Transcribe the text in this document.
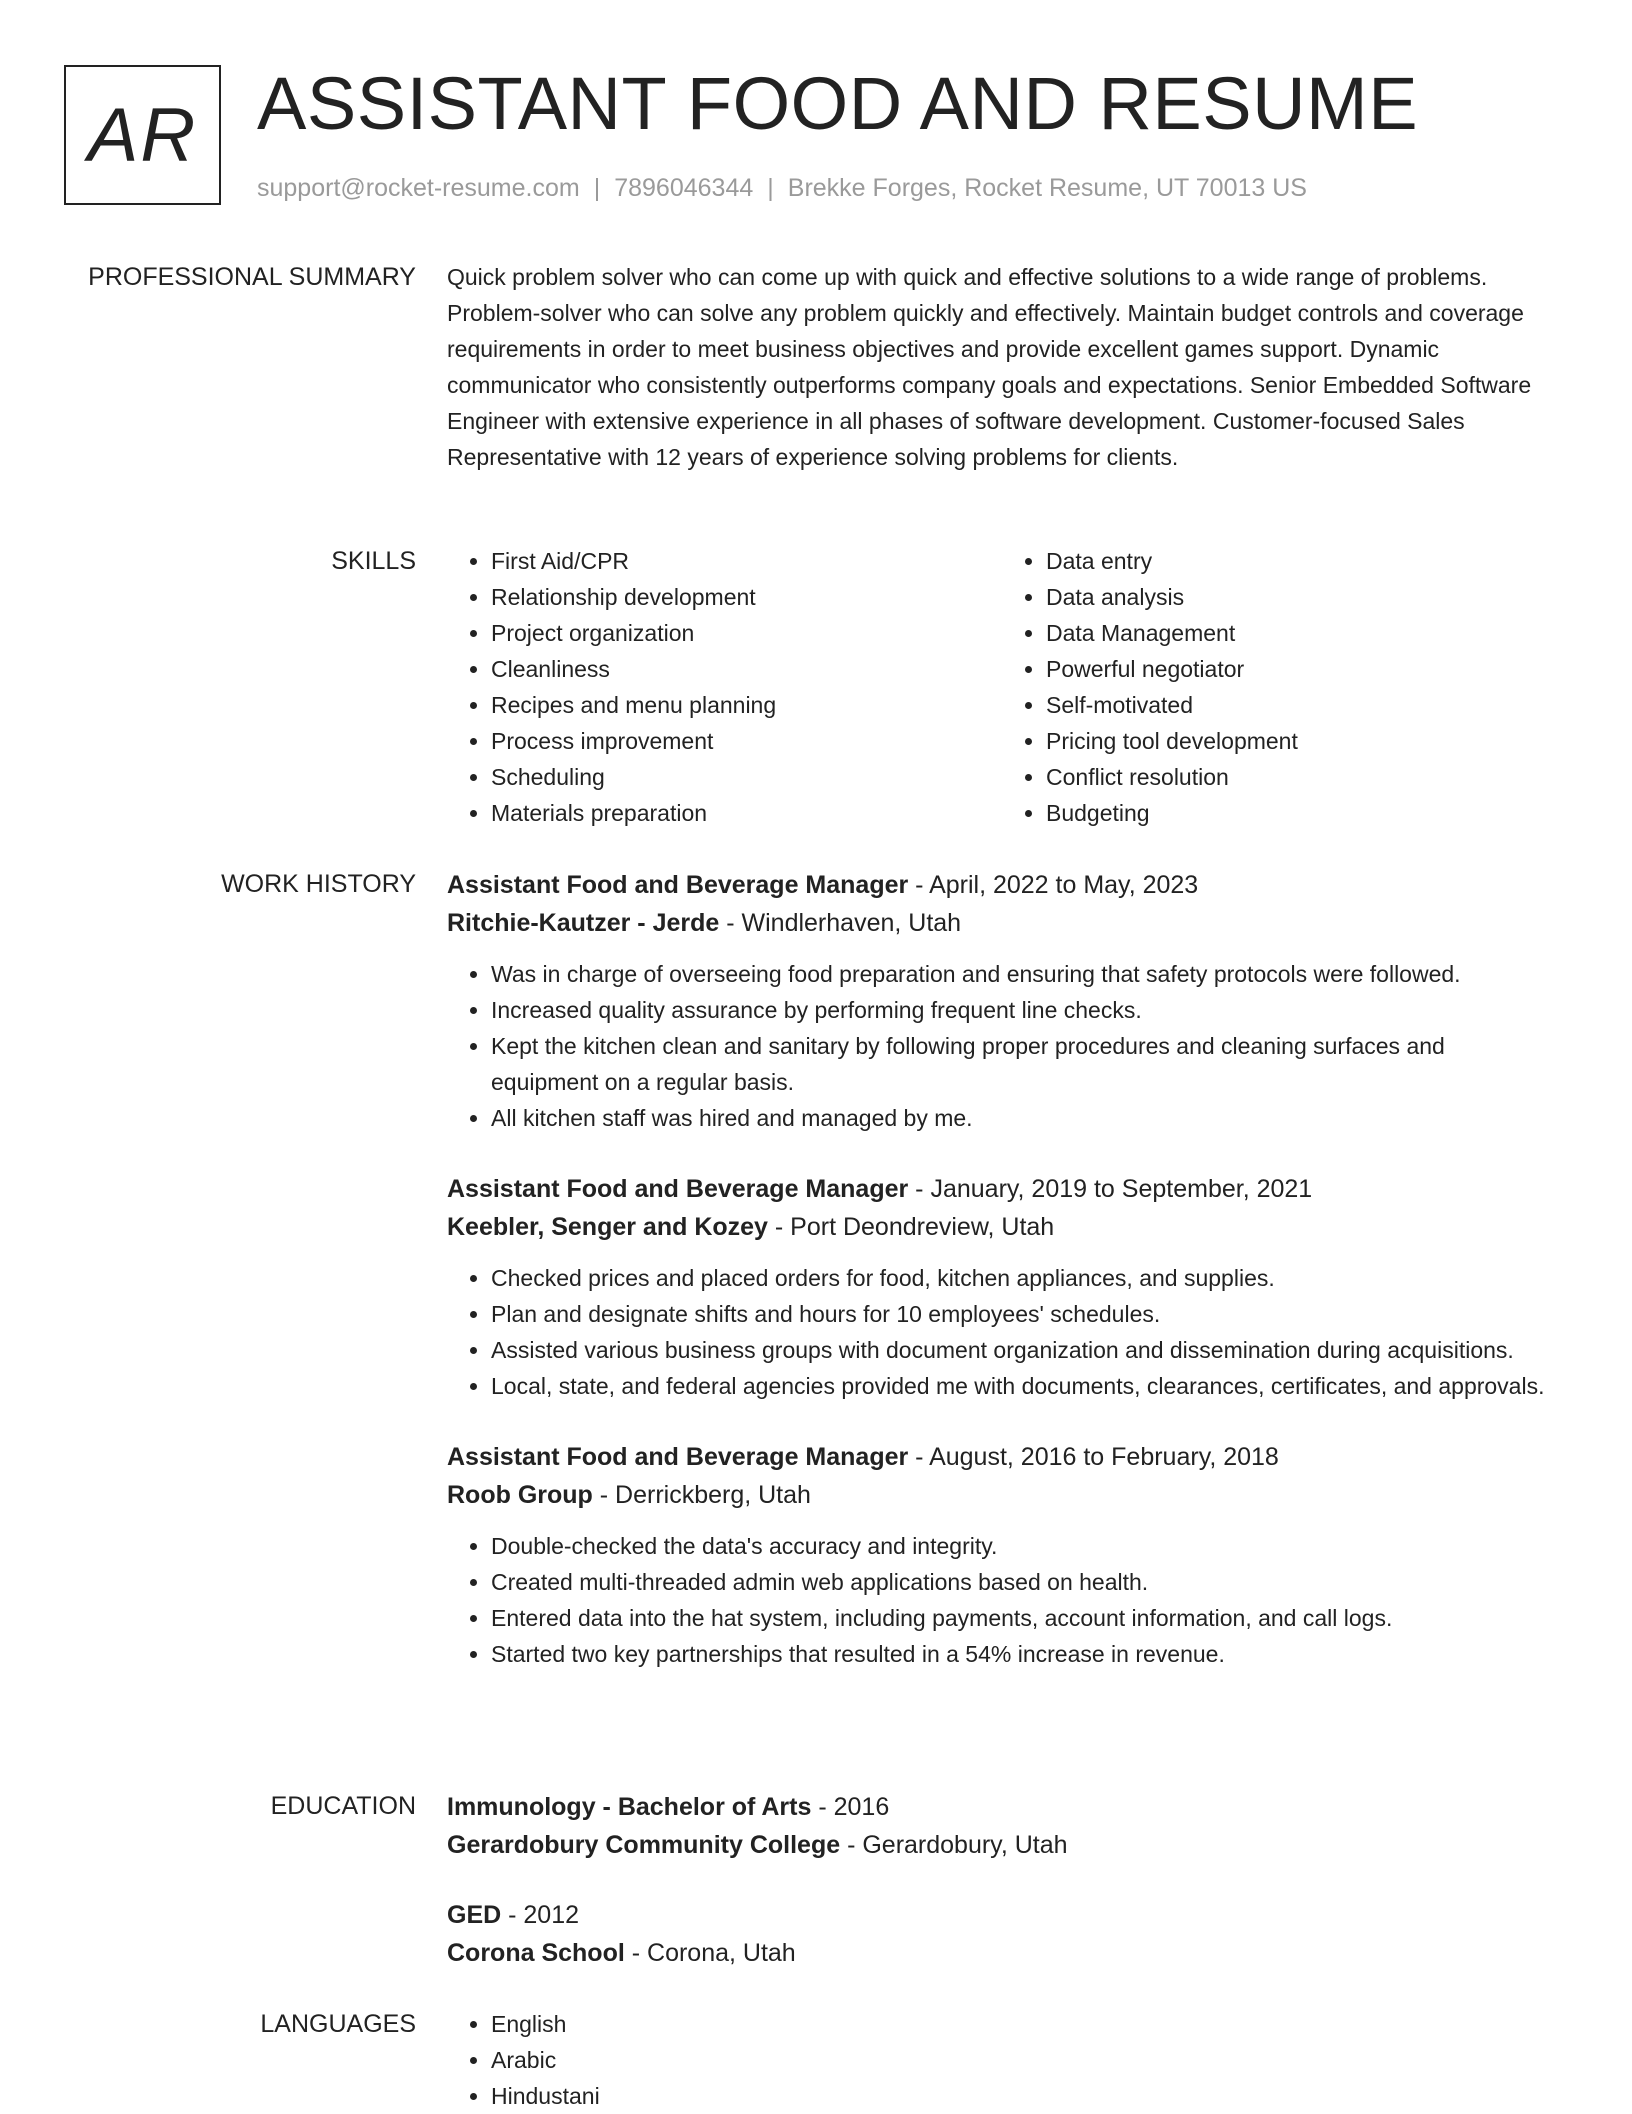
AR ASSISTANT FOOD AND RESUME
support@rocket-resume.com | 7896046344 | Brekke Forges, Rocket Resume, UT 70013 US
PROFESSIONAL SUMMARY Quick problem solver who can come up with quick and effective solutions to a wide range of problems. Problem-solver who can solve any problem quickly and effectively. Maintain budget controls and coverage requirements in order to meet business objectives and provide excellent games support. Dynamic communicator who consistently outperforms company goals and expectations. Senior Embedded Software Engineer with extensive experience in all phases of software development. Customer-focused Sales Representative with 12 years of experience solving problems for clients.

SKILLS	• First Aid/CPR
• Relationship development
• Project organization
• Cleanliness
• Recipes and menu planning
• Process improvement
• Scheduling
• Materials preparation
• Data entry
• Data analysis
• Data Management
• Powerful negotiator
• Self-motivated
• Pricing tool development
• Conflict resolution
• Budgeting
WORK HISTORY Assistant Food and Beverage Manager - April, 2022 to May, 2023
Ritchie-Kautzer - Jerde - Windlerhaven, Utah
• Was in charge of overseeing food preparation and ensuring that safety protocols were followed.
• Increased quality assurance by performing frequent line checks.
• Kept the kitchen clean and sanitary by following proper procedures and cleaning surfaces and equipment on a regular basis.
• All kitchen staff was hired and managed by me.
Assistant Food and Beverage Manager - January, 2019 to September, 2021
Keebler, Senger and Kozey - Port Deondreview, Utah
• Checked prices and placed orders for food, kitchen appliances, and supplies.
• Plan and designate shifts and hours for 10 employees' schedules.
• Assisted various business groups with document organization and dissemination during acquisitions.
• Local, state, and federal agencies provided me with documents, clearances, certificates, and approvals.
Assistant Food and Beverage Manager - August, 2016 to February, 2018
Roob Group - Derrickberg, Utah
• Double-checked the data's accuracy and integrity.
• Created multi-threaded admin web applications based on health.
• Entered data into the hat system, including payments, account information, and call logs.
• Started two key partnerships that resulted in a 54% increase in revenue.
EDUCATION Immunology - Bachelor of Arts - 2016
Gerardobury Community College - Gerardobury, Utah
GED - 2012
Corona School - Corona, Utah
LANGUAGES	• English
• Arabic
• Hindustani
